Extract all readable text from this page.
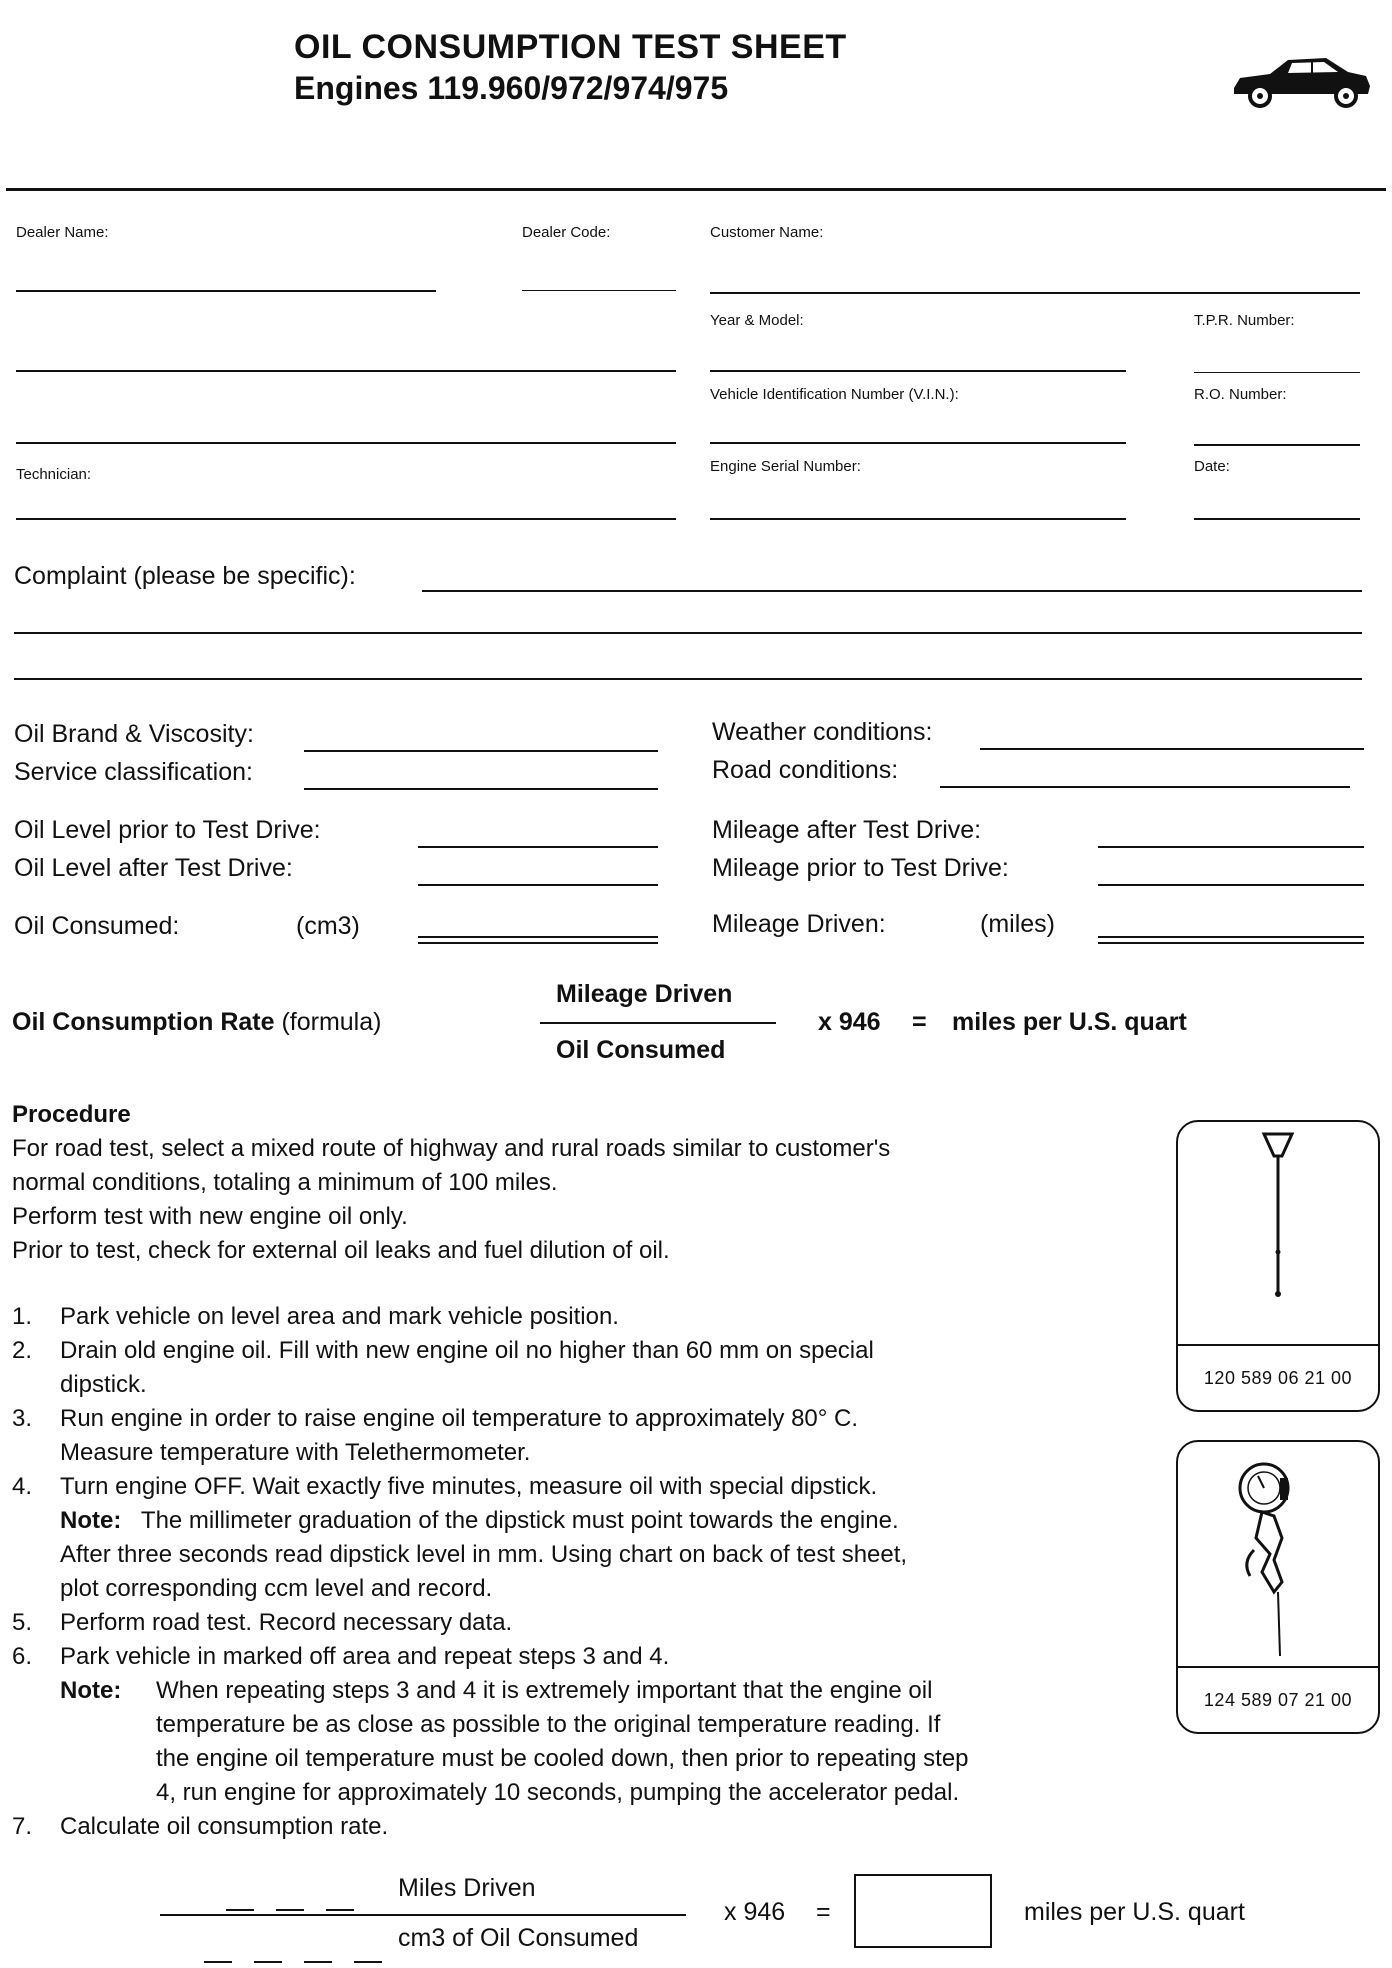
OIL CONSUMPTION TEST SHEET
Engines 119.960/972/974/975
Dealer Name:	Dealer Code:	Customer Name:
Year & Model:	T.P.R. Number:
Vehicle Identification Number (V.I.N.):	R.O. Number:
Technician:	Engine Serial Number:	Date:
Complaint (please be specific):
Oil Brand & Viscosity:
Service classification:
Weather conditions:
Road conditions:
Oil Level prior to Test Drive:
Oil Level after Test Drive:
Mileage after Test Drive:
Mileage prior to Test Drive:
Oil Consumed:	(cm3)	Mileage Driven:	(miles)
Oil Consumption Rate (formula)
Mileage Driven
Oil Consumed
x 946 = miles per U.S. quart
Procedure
For road test, select a mixed route of highway and rural roads similar to customer's
normal conditions, totaling a minimum of 100 miles.
Perform test with new engine oil only.
Prior to test, check for external oil leaks and fuel dilution of oil.
1.	Park vehicle on level area and mark vehicle position.
2.	Drain old engine oil. Fill with new engine oil no higher than 60 mm on special
dipstick.
3.	Run engine in order to raise engine oil temperature to approximately 80° C.
Measure temperature with Telethermometer.
4.	Turn engine OFF. Wait exactly five minutes, measure oil with special dipstick.
Note: The millimeter graduation of the dipstick must point towards the engine.
After three seconds read dipstick level in mm. Using chart on back of test sheet,
plot corresponding ccm level and record.
5.	Perform road test. Record necessary data.
6.	Park vehicle in marked off area and repeat steps 3 and 4.
Note: When repeating steps 3 and 4 it is extremely important that the engine oil
temperature be as close as possible to the original temperature reading. If
the engine oil temperature must be cooled down, then prior to repeating step
4, run engine for approximately 10 seconds, pumping the accelerator pedal.
7.	Calculate oil consumption rate.
120 589 06 21 00
124 589 07 21 00
Miles Driven
cm3 of Oil Consumed
x 946 =	miles per U.S. quart
